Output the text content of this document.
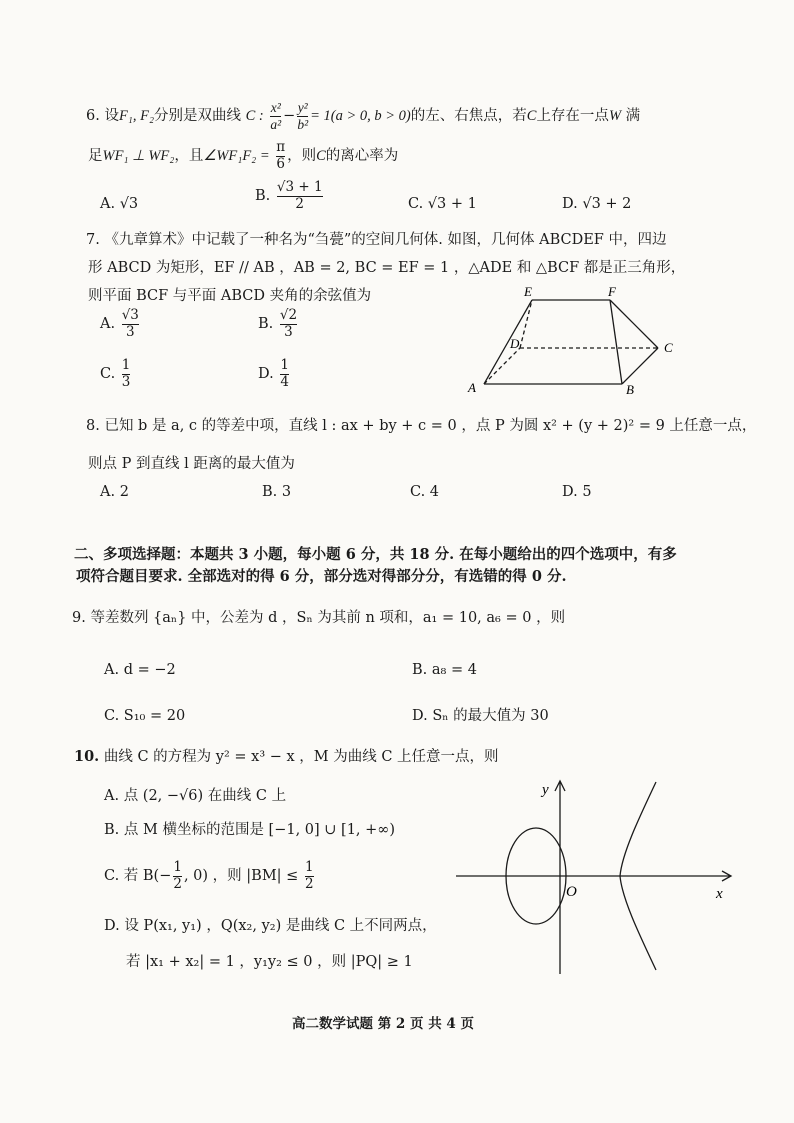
6. 设F₁, F₂分别是双曲线 C : $\frac{\text{x²}}{\text{a²}} - \frac{\text{y²}}{\text{b²}} = 1(a > 0$, b > 0)的左、右焦点，若C上存在一点W 满
足WF₁ ⊥ WF₂，且∠WF₁F₂ = $\frac{\pi}{6}$ ，则C的离心率为
A. √3	B. $\frac{√3 + 1}{2}$	C. √3 + 1	D. √3 + 2
7. 《九章算术》中记载了一种名为“刍甍”的空间几何体. 如图，几何体 ABCDEF 中，四边
形 ABCD 为矩形，EF // AB ，AB = 2, BC = EF = 1 ，△ADE 和 △BCF 都是正三角形，
则平面 BCF 与平面 ABCD 夹角的余弦值为
A. $\frac{√3}{3}$	B. $\frac{√2}{3}$
C. $\frac{1}{3}$	D. $\frac{1}{4}$
E	F
D	C
A	B
8. 已知 b 是 a, c 的等差中项，直线 l : ax + by + c = 0 ，点 P 为圆 x² + (y + 2)² = 9 上任意一点，
则点 P 到直线 l 距离的最大值为
A. 2	B. 3	C. 4	D. 5
二、多项选择题：本题共 3 小题，每小题 6 分，共 18 分. 在每小题给出的四个选项中，有多
项符合题目要求. 全部选对的得 6 分，部分选对得部分分，有选错的得 0 分.
9. 等差数列 {aₙ} 中，公差为 d ，Sₙ 为其前 n 项和，a₁ = 10, a₆ = 0 ，则
A. d = −2	B. a₈ = 4
C. S₁₀ = 20	D. Sₙ 的最大值为 30
10. 曲线 C 的方程为 y² = x³ − x ，M 为曲线 C 上任意一点，则
A. 点 (2, −√6) 在曲线 C 上
B. 点 M 横坐标的范围是 [−1, 0] ∪ [1, +∞)
C. 若 $B(- \frac{1}{2}$ , 0) ，则 $|BM| \le \frac{1}{2}$
D. 设 P(x₁, y₁) ，Q(x₂, y₂) 是曲线 C 上不同两点，
若 |x₁ + x₂| = 1 ，y₁y₂ ≤ 0 ，则 |PQ| ≥ 1
y
x
O
高二数学试题 第 2 页 共 4 页
